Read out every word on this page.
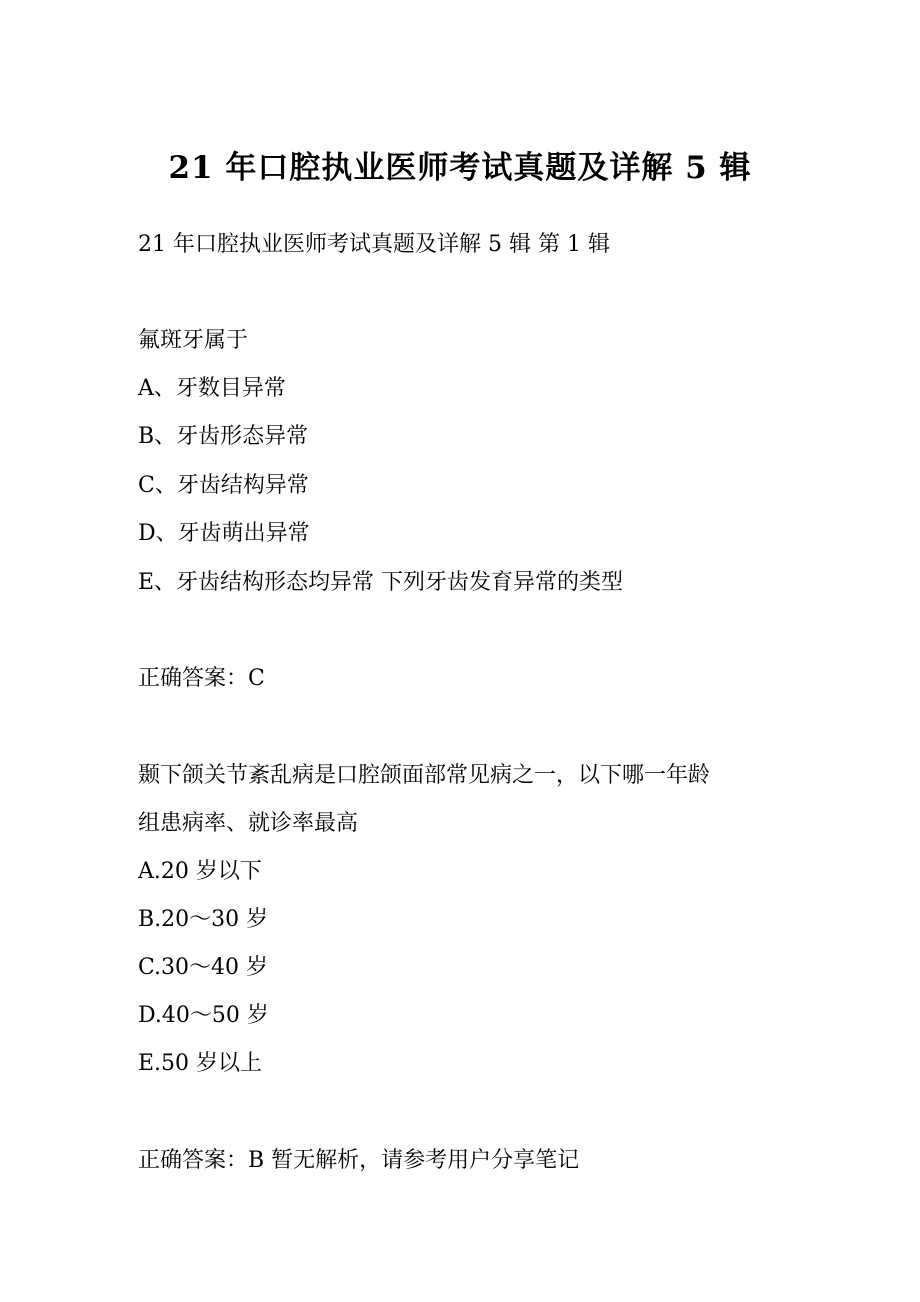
21 年口腔执业医师考试真题及详解 5 辑
21 年口腔执业医师考试真题及详解 5 辑 第 1 辑
氟斑牙属于
A、牙数目异常
B、牙齿形态异常
C、牙齿结构异常
D、牙齿萌出异常
E、牙齿结构形态均异常 下列牙齿发育异常的类型
正确答案：C
颞下颌关节紊乱病是口腔颌面部常见病之一，以下哪一年龄
组患病率、就诊率最高
A.20 岁以下
B.20～30 岁
C.30～40 岁
D.40～50 岁
E.50 岁以上
正确答案：B 暂无解析，请参考用户分享笔记
